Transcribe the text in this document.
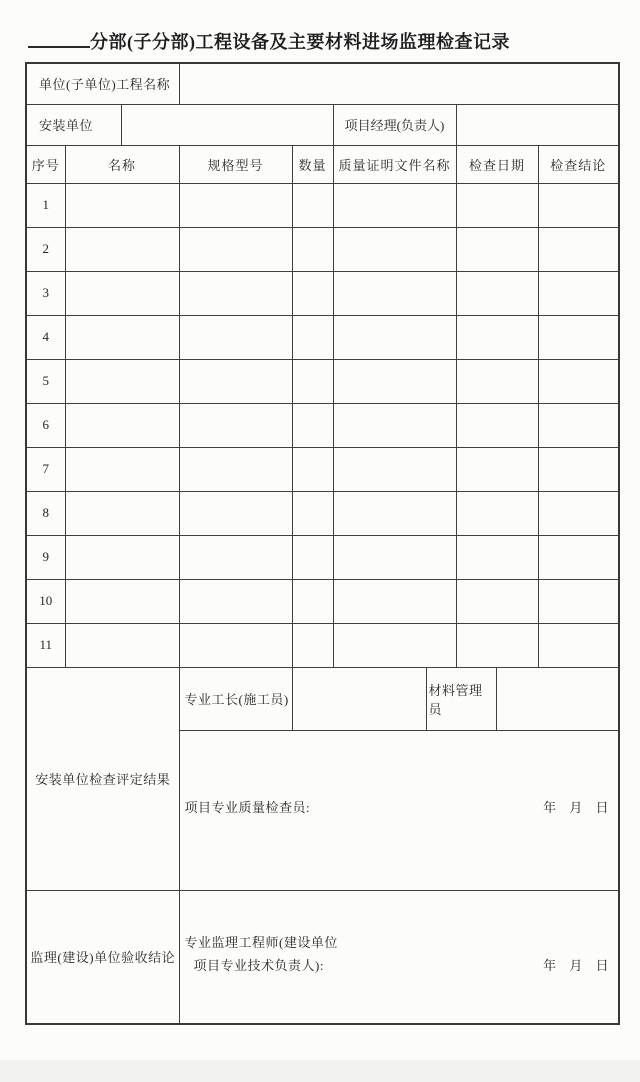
分部(子分部)工程设备及主要材料进场监理检查记录
单位(子单位)工程名称									
安装单位					项目经理(负责人)				
序号	名称		规格型号	数量	质量证明文件名称		检查日期		检查结论
1									
2									
3									
4									
5									
6									
7									
8									
9									
10									
11									
安装单位检查评定结果			专业工长(施工员)			材料管理员			

			项目专业质量检查员: 年 月 日						

监理(建设)单位验收结论			专业监理工程师(建设单位
项目专业技术负责人): 年 月 日						
